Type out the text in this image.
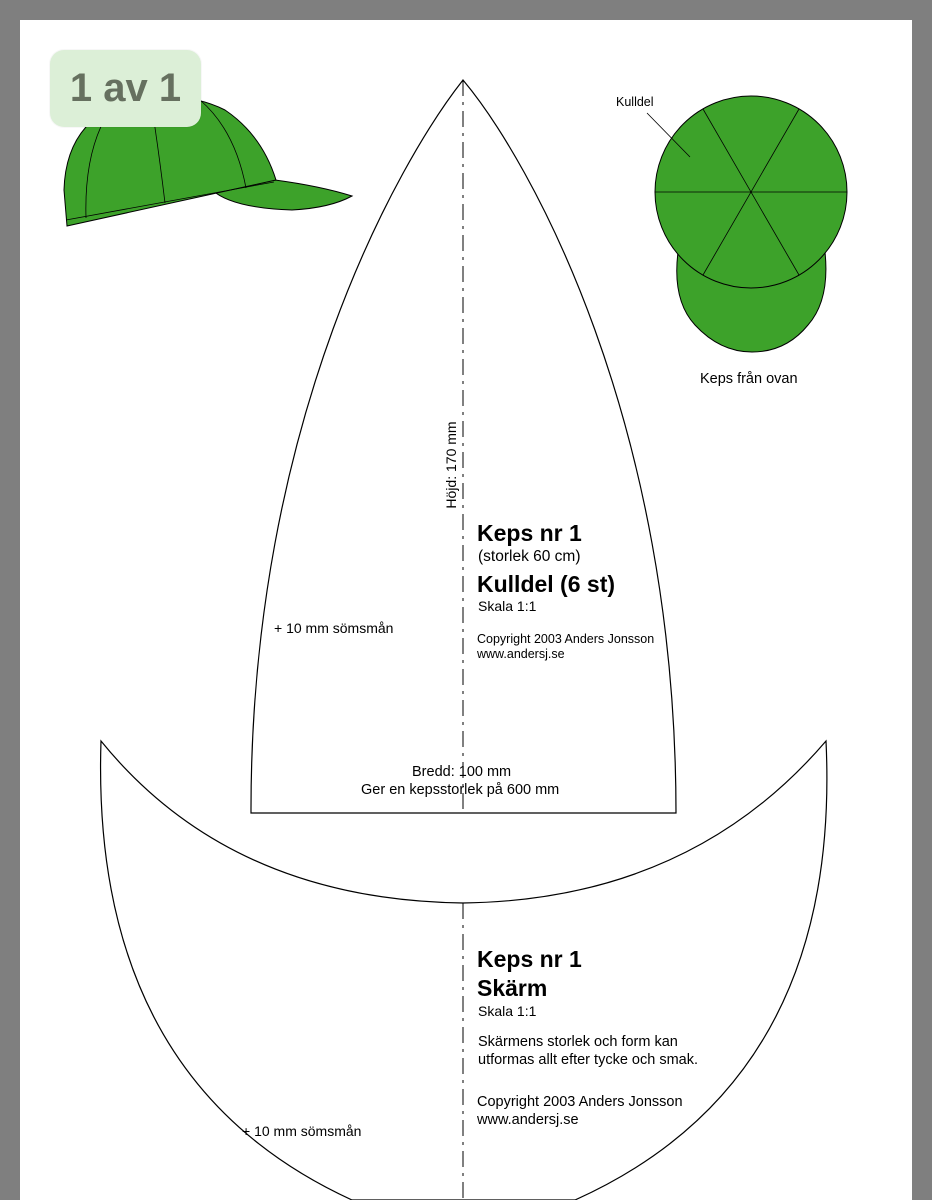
1 av 1	Kulldel
Keps från ovan
Höjd: 170 mm
Keps nr 1
(storlek 60 cm)
Kulldel (6 st)
Skala 1:1
Copyright 2003 Anders Jonsson
www.andersj.se
+ 10 mm sömsmån
Bredd: 100 mm
Ger en kepsstorlek på 600 mm
Keps nr 1
Skärm
Skala 1:1
Skärmens storlek och form kan
utformas allt efter tycke och smak.
Copyright 2003 Anders Jonsson
www.andersj.se
+ 10 mm sömsmån
